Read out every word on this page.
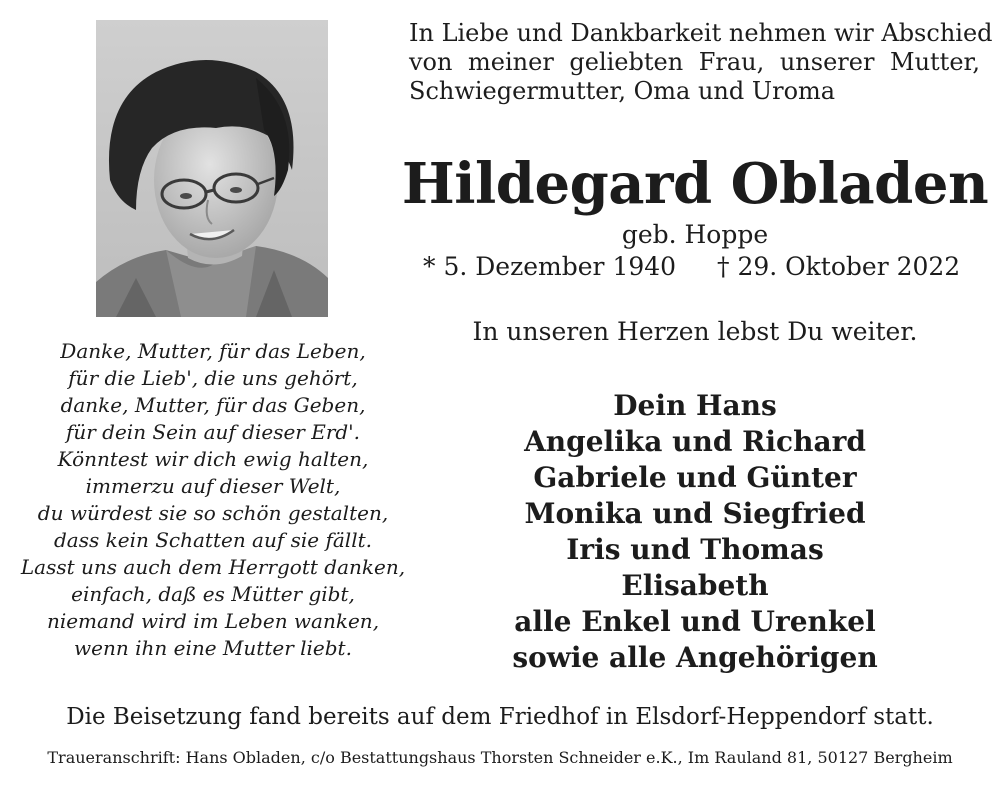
In Liebe und Dankbarkeit nehmen wir Abschied
von meiner geliebten Frau, unserer Mutter,
Schwiegermutter, Oma und Uroma
Hildegard Obladen
geb. Hoppe
* 5. Dezember 1940 † 29. Oktober 2022
In unseren Herzen lebst Du weiter.
Danke, Mutter, für das Leben,
für die Lieb', die uns gehört,
danke, Mutter, für das Geben,
für dein Sein auf dieser Erd'.
Könntest wir dich ewig halten,
immerzu auf dieser Welt,
du würdest sie so schön gestalten,
dass kein Schatten auf sie fällt.
Lasst uns auch dem Herrgott danken,
einfach, daß es Mütter gibt,
niemand wird im Leben wanken,
wenn ihn eine Mutter liebt.
Dein Hans
Angelika und Richard
Gabriele und Günter
Monika und Siegfried
Iris und Thomas
Elisabeth
alle Enkel und Urenkel
sowie alle Angehörigen
Die Beisetzung fand bereits auf dem Friedhof in Elsdorf-Heppendorf statt.
Traueranschrift: Hans Obladen, c/o Bestattungshaus Thorsten Schneider e.K., Im Rauland 81, 50127 Bergheim
